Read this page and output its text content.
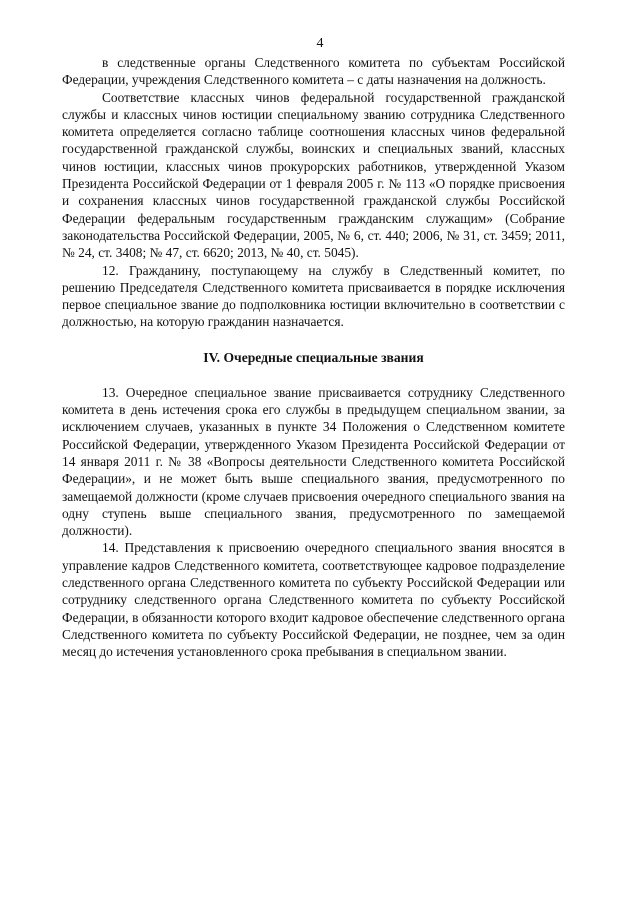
4

в следственные органы Следственного комитета по субъектам Российской Федерации, учреждения Следственного комитета – с даты назначения на должность.

Соответствие классных чинов федеральной государственной гражданской службы и классных чинов юстиции специальному званию сотрудника Следственного комитета определяется согласно таблице соотношения классных чинов федеральной государственной гражданской службы, воинских и специальных званий, классных чинов юстиции, классных чинов прокурорских работников, утвержденной Указом Президента Российской Федерации от 1 февраля 2005 г. № 113 «О порядке присвоения и сохранения классных чинов государственной гражданской службы Российской Федерации федеральным государственным гражданским служащим» (Собрание законодательства Российской Федерации, 2005, № 6, ст. 440; 2006, № 31, ст. 3459; 2011, № 24, ст. 3408; № 47, ст. 6620; 2013, № 40, ст. 5045).

12. Гражданину, поступающему на службу в Следственный комитет, по решению Председателя Следственного комитета присваивается в порядке исключения первое специальное звание до подполковника юстиции включительно в соответствии с должностью, на которую гражданин назначается.

IV. Очередные специальные звания

13. Очередное специальное звание присваивается сотруднику Следственного комитета в день истечения срока его службы в предыдущем специальном звании, за исключением случаев, указанных в пункте 34 Положения о Следственном комитете Российской Федерации, утвержденного Указом Президента Российской Федерации от 14 января 2011 г. № 38 «Вопросы деятельности Следственного комитета Российской Федерации», и не может быть выше специального звания, предусмотренного по замещаемой должности (кроме случаев присвоения очередного специального звания на одну ступень выше специального звания, предусмотренного по замещаемой должности).

14. Представления к присвоению очередного специального звания вносятся в управление кадров Следственного комитета, соответствующее кадровое подразделение следственного органа Следственного комитета по субъекту Российской Федерации или сотруднику следственного органа Следственного комитета по субъекту Российской Федерации, в обязанности которого входит кадровое обеспечение следственного органа Следственного комитета по субъекту Российской Федерации, не позднее, чем за один месяц до истечения установленного срока пребывания в специальном звании.
